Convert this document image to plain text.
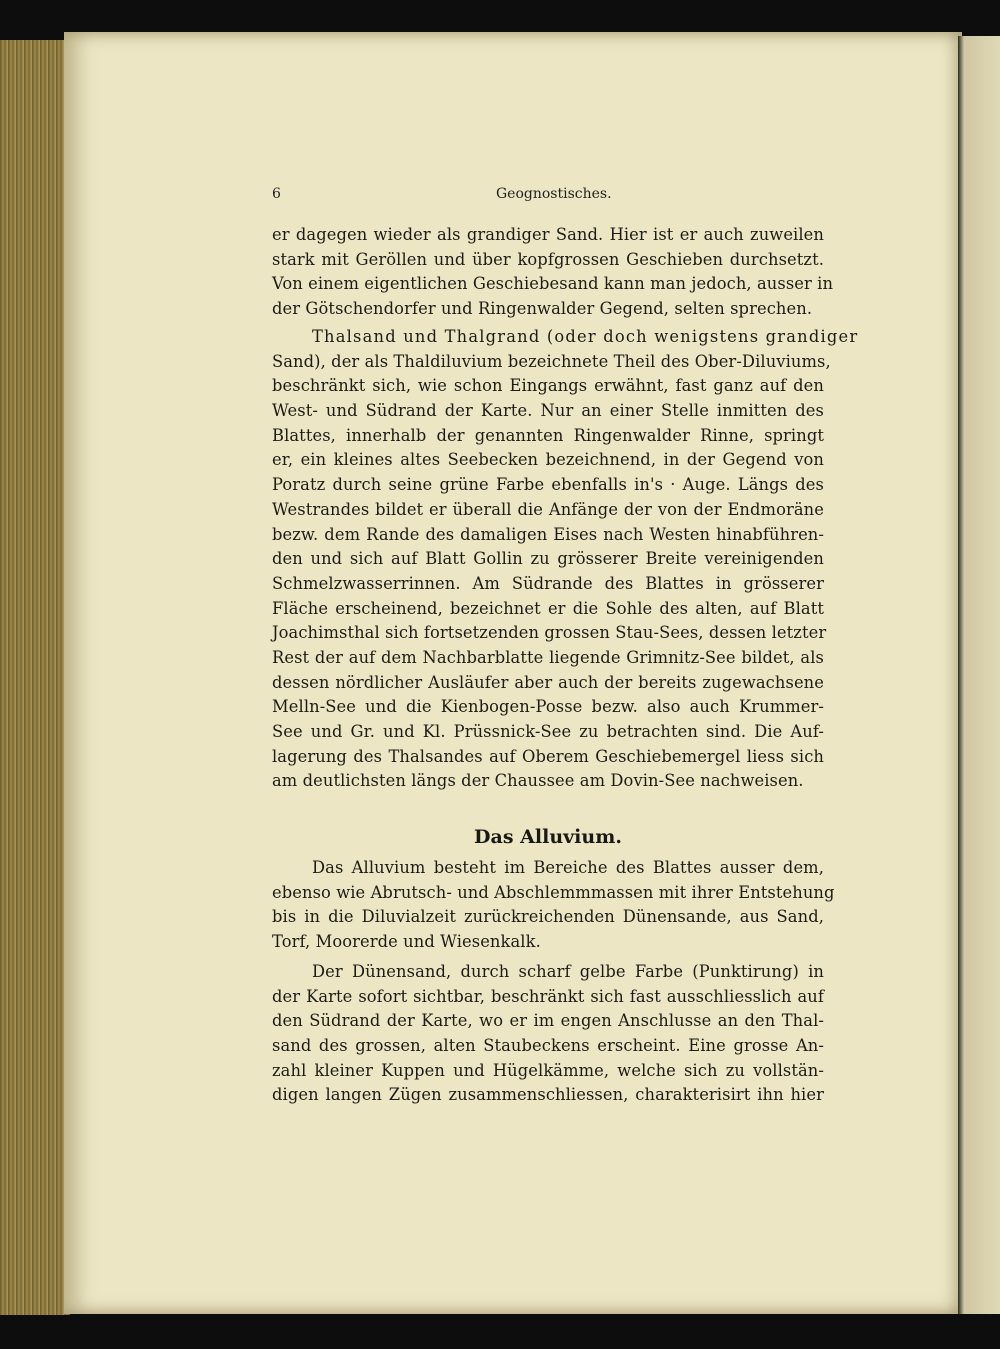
6	Geognostisches.
er dagegen wieder als grandiger Sand. Hier ist er auch zuweilen
stark mit Geröllen und über kopfgrossen Geschieben durchsetzt.
Von einem eigentlichen Geschiebesand kann man jedoch, ausser in
der Götschendorfer und Ringenwalder Gegend, selten sprechen.
Thalsand und Thalgrand (oder doch wenigstens grandiger
Sand), der als Thaldiluvium bezeichnete Theil des Ober-Diluviums,
beschränkt sich, wie schon Eingangs erwähnt, fast ganz auf den
West- und Südrand der Karte. Nur an einer Stelle inmitten des
Blattes, innerhalb der genannten Ringenwalder Rinne, springt
er, ein kleines altes Seebecken bezeichnend, in der Gegend von
Poratz durch seine grüne Farbe ebenfalls in's · Auge. Längs des
Westrandes bildet er überall die Anfänge der von der Endmoräne
bezw. dem Rande des damaligen Eises nach Westen hinabführen-
den und sich auf Blatt Gollin zu grösserer Breite vereinigenden
Schmelzwasserrinnen. Am Südrande des Blattes in grösserer
Fläche erscheinend, bezeichnet er die Sohle des alten, auf Blatt
Joachimsthal sich fortsetzenden grossen Stau-Sees, dessen letzter
Rest der auf dem Nachbarblatte liegende Grimnitz-See bildet, als
dessen nördlicher Ausläufer aber auch der bereits zugewachsene
Melln-See und die Kienbogen-Posse bezw. also auch Krummer-
See und Gr. und Kl. Prüssnick-See zu betrachten sind. Die Auf-
lagerung des Thalsandes auf Oberem Geschiebemergel liess sich
am deutlichsten längs der Chaussee am Dovin-See nachweisen.
Das Alluvium.
Das Alluvium besteht im Bereiche des Blattes ausser dem,
ebenso wie Abrutsch- und Abschlemmmassen mit ihrer Entstehung
bis in die Diluvialzeit zurückreichenden Dünensande, aus Sand,
Torf, Moorerde und Wiesenkalk.
Der Dünensand, durch scharf gelbe Farbe (Punktirung) in
der Karte sofort sichtbar, beschränkt sich fast ausschliesslich auf
den Südrand der Karte, wo er im engen Anschlusse an den Thal-
sand des grossen, alten Staubeckens erscheint. Eine grosse An-
zahl kleiner Kuppen und Hügelkämme, welche sich zu vollstän-
digen langen Zügen zusammenschliessen, charakterisirt ihn hier
